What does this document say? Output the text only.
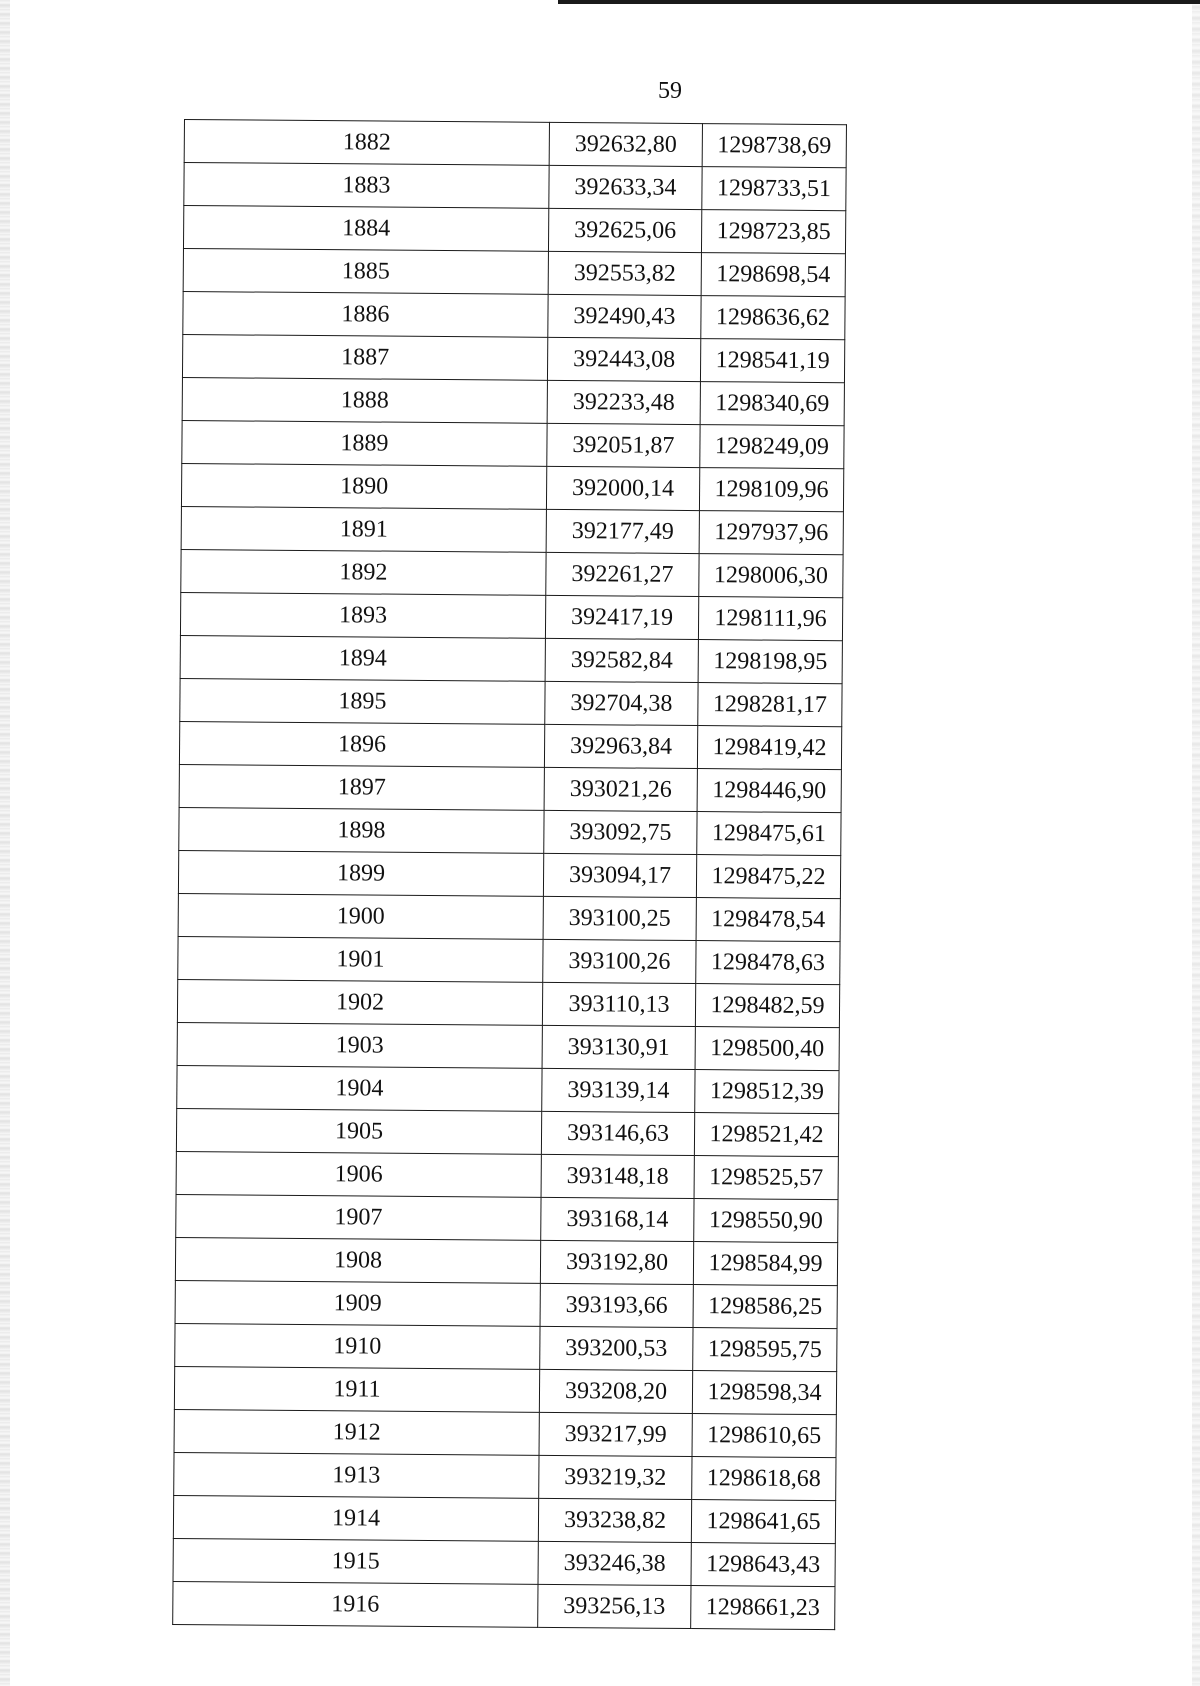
59
1882	392632,80	1298738,69
1883	392633,34	1298733,51
1884	392625,06	1298723,85
1885	392553,82	1298698,54
1886	392490,43	1298636,62
1887	392443,08	1298541,19
1888	392233,48	1298340,69
1889	392051,87	1298249,09
1890	392000,14	1298109,96
1891	392177,49	1297937,96
1892	392261,27	1298006,30
1893	392417,19	1298111,96
1894	392582,84	1298198,95
1895	392704,38	1298281,17
1896	392963,84	1298419,42
1897	393021,26	1298446,90
1898	393092,75	1298475,61
1899	393094,17	1298475,22
1900	393100,25	1298478,54
1901	393100,26	1298478,63
1902	393110,13	1298482,59
1903	393130,91	1298500,40
1904	393139,14	1298512,39
1905	393146,63	1298521,42
1906	393148,18	1298525,57
1907	393168,14	1298550,90
1908	393192,80	1298584,99
1909	393193,66	1298586,25
1910	393200,53	1298595,75
1911	393208,20	1298598,34
1912	393217,99	1298610,65
1913	393219,32	1298618,68
1914	393238,82	1298641,65
1915	393246,38	1298643,43
1916	393256,13	1298661,23
